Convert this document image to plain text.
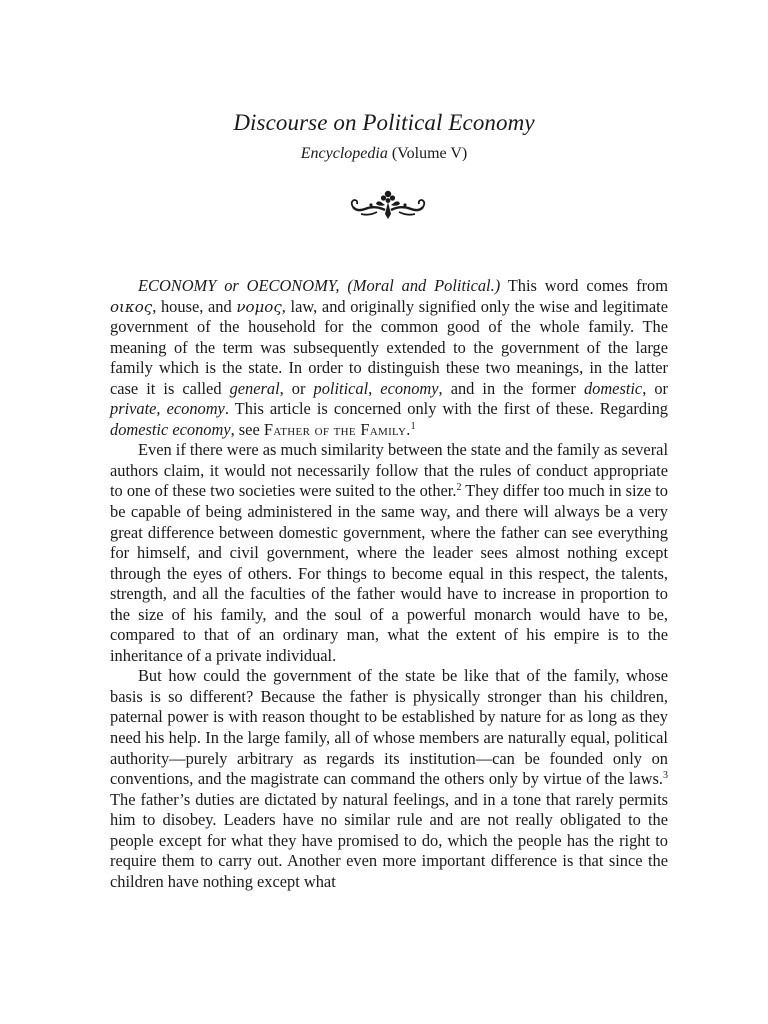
Discourse on Political Economy
Encyclopedia (Volume V)

ECONOMY or OECONOMY, (Moral and Political.) This word comes from οικος, house, and νομος, law, and originally signified only the wise and legitimate government of the household for the common good of the whole family. The meaning of the term was subsequently extended to the government of the large family which is the state. In order to distinguish these two meanings, in the latter case it is called general, or political, economy, and in the former domestic, or private, economy. This article is concerned only with the first of these. Regarding domestic economy, see Father of the Family.$^1$

Even if there were as much similarity between the state and the family as several authors claim, it would not necessarily follow that the rules of conduct appropriate to one of these two societies were suited to the other.$^2$ They differ too much in size to be capable of being administered in the same way, and there will always be a very great difference between domestic government, where the father can see everything for himself, and civil government, where the leader sees almost nothing except through the eyes of others. For things to become equal in this respect, the talents, strength, and all the faculties of the father would have to increase in proportion to the size of his family, and the soul of a powerful monarch would have to be, compared to that of an ordinary man, what the extent of his empire is to the inheritance of a private individual.

But how could the government of the state be like that of the family, whose basis is so different? Because the father is physically stronger than his children, paternal power is with reason thought to be established by nature for as long as they need his help. In the large family, all of whose members are naturally equal, political authority—purely arbitrary as regards its institution—can be founded only on conventions, and the magistrate can command the others only by virtue of the laws.$^3$ The father’s duties are dictated by natural feelings, and in a tone that rarely permits him to disobey. Leaders have no similar rule and are not really obligated to the people except for what they have promised to do, which the people has the right to require them to carry out. Another even more important difference is that since the children have nothing except what
